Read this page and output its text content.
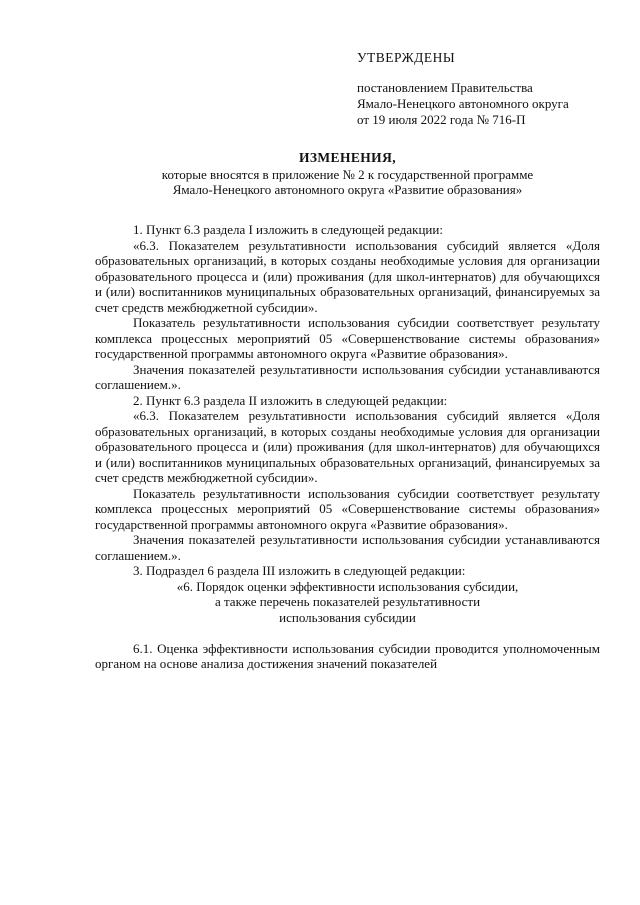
УТВЕРЖДЕНЫ
постановлением Правительства
Ямало-Ненецкого автономного округа
от 19 июля 2022 года № 716-П
ИЗМЕНЕНИЯ,
которые вносятся в приложение № 2 к государственной программе
Ямало-Ненецкого автономного округа «Развитие образования»

1. Пункт 6.3 раздела I изложить в следующей редакции:

«6.3. Показателем результативности использования субсидий является «Доля образовательных организаций, в которых созданы необходимые условия для организации образовательного процесса и (или) проживания (для школ-интернатов) для обучающихся и (или) воспитанников муниципальных образовательных организаций, финансируемых за счет средств межбюджетной субсидии».

Показатель результативности использования субсидии соответствует результату комплекса процессных мероприятий 05 «Совершенствование системы образования» государственной программы автономного округа «Развитие образования».

Значения показателей результативности использования субсидии устанавливаются соглашением.».

2. Пункт 6.3 раздела II изложить в следующей редакции:

«6.3. Показателем результативности использования субсидий является «Доля образовательных организаций, в которых созданы необходимые условия для организации образовательного процесса и (или) проживания (для школ-интернатов) для обучающихся и (или) воспитанников муниципальных образовательных организаций, финансируемых за счет средств межбюджетной субсидии».

Показатель результативности использования субсидии соответствует результату комплекса процессных мероприятий 05 «Совершенствование системы образования» государственной программы автономного округа «Развитие образования».

Значения показателей результативности использования субсидии устанавливаются соглашением.».

3. Подраздел 6 раздела III изложить в следующей редакции:

«6. Порядок оценки эффективности использования субсидии,

а также перечень показателей результативности

использования субсидии

6.1. Оценка эффективности использования субсидии проводится уполномоченным органом на основе анализа достижения значений показателей
